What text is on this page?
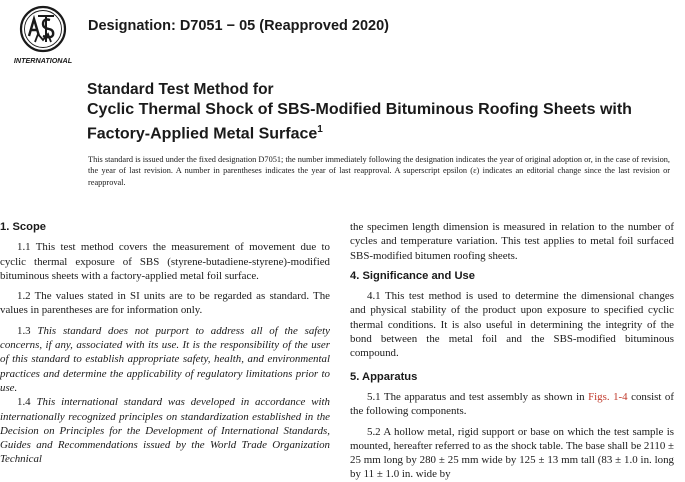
INTERNATIONAL
Designation: D7051 − 05 (Reapproved 2020)
Standard Test Method for
Cyclic Thermal Shock of SBS-Modified Bituminous Roofing Sheets with Factory-Applied Metal Surface$^1$
This standard is issued under the fixed designation D7051; the number immediately following the designation indicates the year of original adoption or, in the case of revision, the year of last revision. A number in parentheses indicates the year of last reapproval. A superscript epsilon (ε) indicates an editorial change since the last revision or reapproval.
1. Scope

1.1 This test method covers the measurement of movement due to cyclic thermal exposure of SBS (styrene-butadiene-styrene)-modified bituminous sheets with a factory-applied metal foil surface.

1.2 The values stated in SI units are to be regarded as standard. The values in parentheses are for information only.

1.3 This standard does not purport to address all of the safety concerns, if any, associated with its use. It is the responsibility of the user of this standard to establish appropriate safety, health, and environmental practices and determine the applicability of regulatory limitations prior to use.

1.4 This international standard was developed in accordance with internationally recognized principles on standardization established in the Decision on Principles for the Development of International Standards, Guides and Recommendations issued by the World Trade Organization Technical

the specimen length dimension is measured in relation to the number of cycles and temperature variation. This test applies to metal foil surfaced SBS-modified bitumen roofing sheets.

4. Significance and Use

4.1 This test method is used to determine the dimensional changes and physical stability of the product upon exposure to specified cyclic thermal conditions. It is also useful in determining the integrity of the bond between the metal foil and the SBS-modified bituminous compound.

5. Apparatus

5.1 The apparatus and test assembly as shown in Figs. 1-4 consist of the following components.

5.2 A hollow metal, rigid support or base on which the test sample is mounted, hereafter referred to as the shock table. The base shall be 2110 ± 25 mm long by 280 ± 25 mm wide by 125 ± 13 mm tall (83 ± 1.0 in. long by 11 ± 1.0 in. wide by
